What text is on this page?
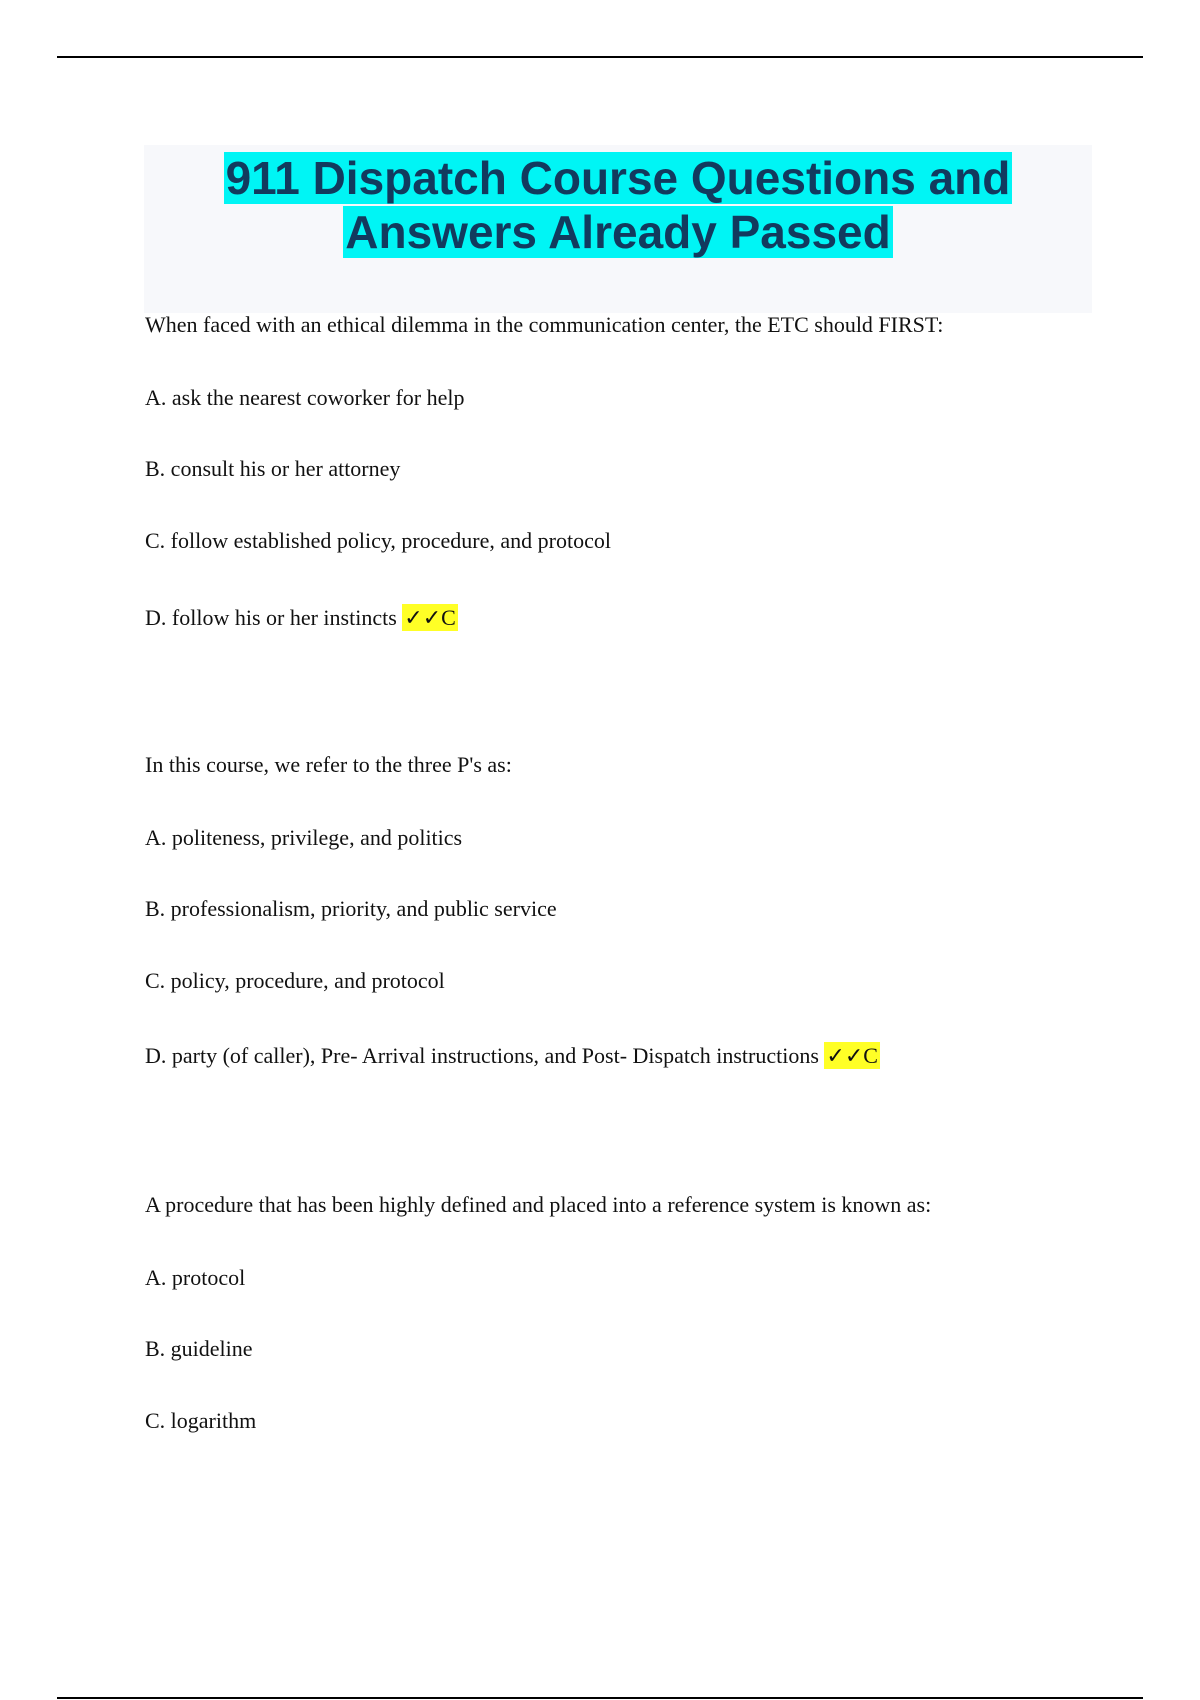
911 Dispatch Course Questions and
Answers Already Passed

When faced with an ethical dilemma in the communication center, the ETC should FIRST:

A. ask the nearest coworker for help

B. consult his or her attorney

C. follow established policy, procedure, and protocol

D. follow his or her instincts ✓✓C

In this course, we refer to the three P's as:

A. politeness, privilege, and politics

B. professionalism, priority, and public service

C. policy, procedure, and protocol

D. party (of caller), Pre- Arrival instructions, and Post- Dispatch instructions ✓✓C

A procedure that has been highly defined and placed into a reference system is known as:

A. protocol

B. guideline

C. logarithm
